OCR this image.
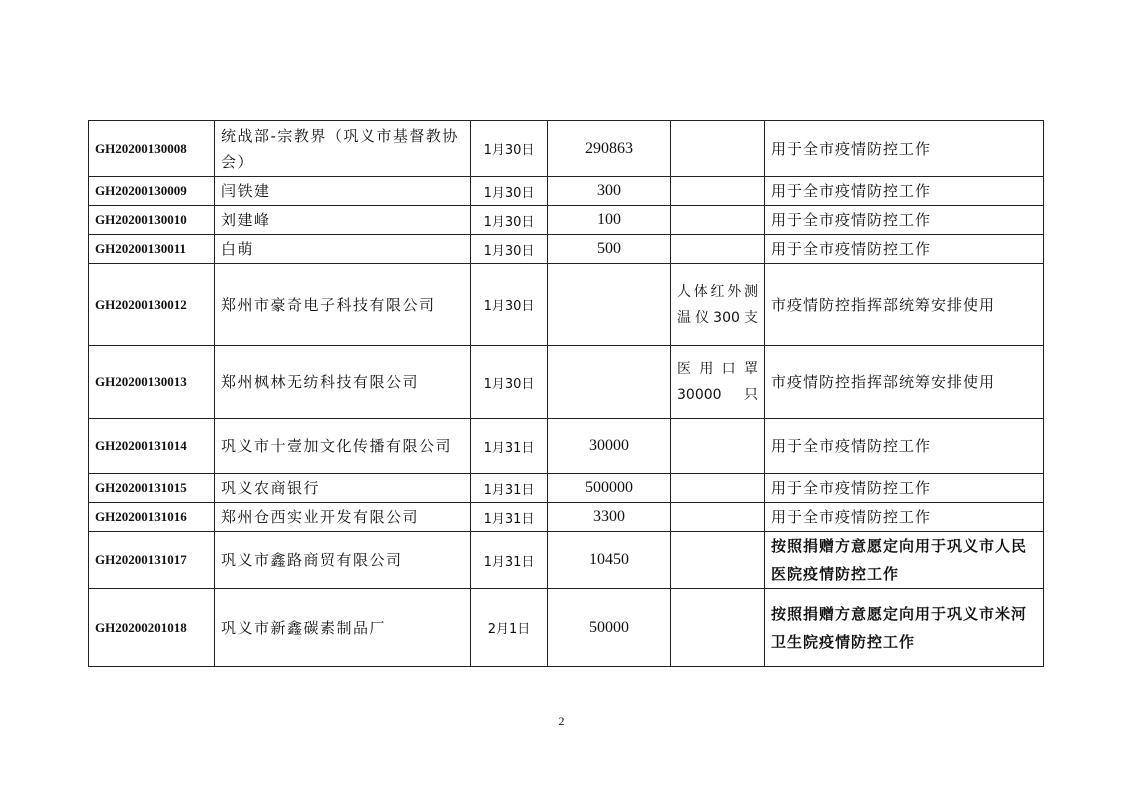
GH20200130008	统战部-宗教界（巩义市基督教协会）	1月30日	290863		用于全市疫情防控工作
GH20200130009	闫铁建	1月30日	300		用于全市疫情防控工作
GH20200130010	刘建峰	1月30日	100		用于全市疫情防控工作
GH20200130011	白萌	1月30日	500		用于全市疫情防控工作
GH20200130012	郑州市豪奇电子科技有限公司	1月30日		人体红外测温仪300支	市疫情防控指挥部统筹安排使用
GH20200130013	郑州枫林无纺科技有限公司	1月30日		医用口罩30000只	市疫情防控指挥部统筹安排使用
GH20200131014	巩义市十壹加文化传播有限公司	1月31日	30000		用于全市疫情防控工作
GH20200131015	巩义农商银行	1月31日	500000		用于全市疫情防控工作
GH20200131016	郑州仓西实业开发有限公司	1月31日	3300		用于全市疫情防控工作
GH20200131017	巩义市鑫路商贸有限公司	1月31日	10450		按照捐赠方意愿定向用于巩义市人民医院疫情防控工作
GH20200201018	巩义市新鑫碳素制品厂	2月1日	50000		按照捐赠方意愿定向用于巩义市米河卫生院疫情防控工作
2
